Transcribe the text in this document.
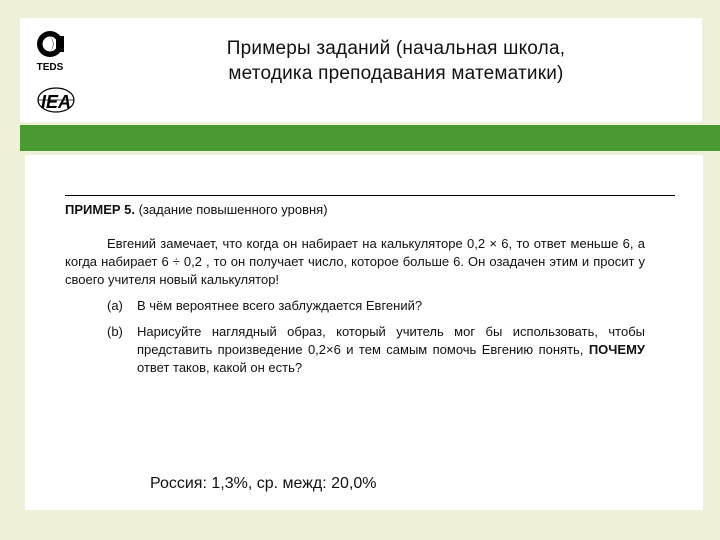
TEDS
IEA
Примеры заданий (начальная школа,
методика преподавания математики)

ПРИМЕР 5. (задание повышенного уровня)

Евгений замечает, что когда он набирает на калькуляторе 0,2 × 6, то ответ меньше 6, а когда набирает 6 ÷ 0,2 , то он получает число, которое больше 6. Он озадачен этим и просит у своего учителя новый калькулятор!

(a) В чём вероятнее всего заблуждается Евгений?

(b) Нарисуйте наглядный образ, который учитель мог бы использовать, чтобы представить произведение 0,2×6 и тем самым помочь Евгению понять, ПОЧЕМУ ответ таков, какой он есть?

Россия: 1,3%, ср. межд: 20,0%
